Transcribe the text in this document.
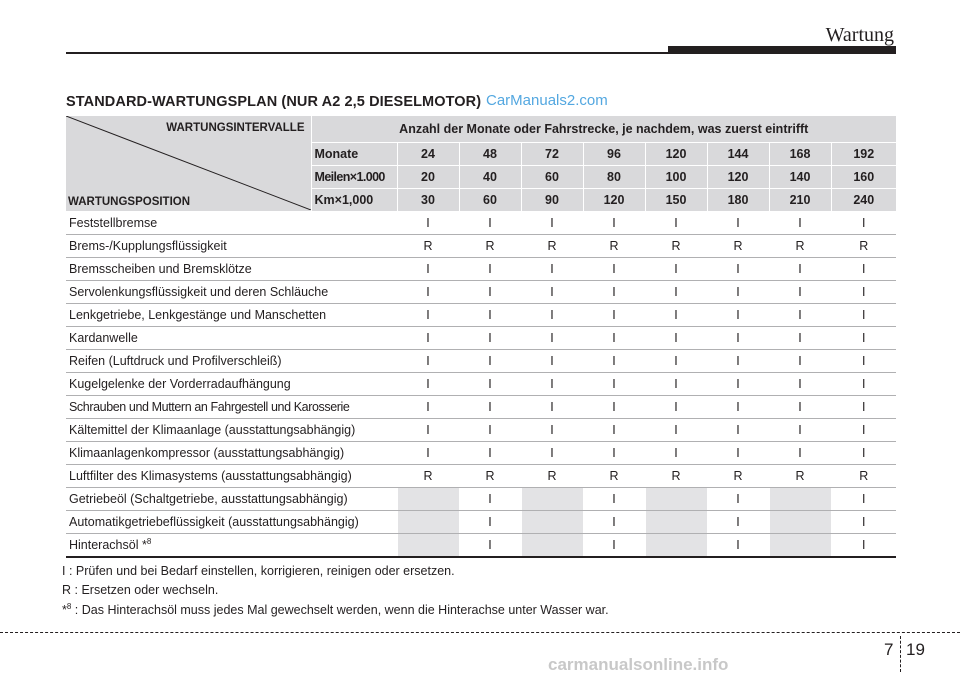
Wartung
STANDARD-WARTUNGSPLAN (NUR A2 2,5 DIESELMOTOR) CarManuals2.com
WARTUNGSINTERVALLE
WARTUNGSPOSITION	Anzahl der Monate oder Fahrstrecke, je nachdem, was zuerst eintrifft								
	Monate	24	48	72	96	120	144	168	192
	Meilen×1.000	20	40	60	80	100	120	140	160
	Km×1,000	30	60	90	120	150	180	210	240
Feststellbremse		I	I	I	I	I	I	I	I
Brems-/Kupplungsflüssigkeit		R	R	R	R	R	R	R	R
Bremsscheiben und Bremsklötze		I	I	I	I	I	I	I	I
Servolenkungsflüssigkeit und deren Schläuche		I	I	I	I	I	I	I	I
Lenkgetriebe, Lenkgestänge und Manschetten		I	I	I	I	I	I	I	I
Kardanwelle		I	I	I	I	I	I	I	I
Reifen (Luftdruck und Profilverschleiß)		I	I	I	I	I	I	I	I
Kugelgelenke der Vorderradaufhängung		I	I	I	I	I	I	I	I
Schrauben und Muttern an Fahrgestell und Karosserie		I	I	I	I	I	I	I	I
Kältemittel der Klimaanlage (ausstattungsabhängig)		I	I	I	I	I	I	I	I
Klimaanlagenkompressor (ausstattungsabhängig)		I	I	I	I	I	I	I	I
Luftfilter des Klimasystems (ausstattungsabhängig)		R	R	R	R	R	R	R	R
Getriebeöl (Schaltgetriebe, ausstattungsabhängig)			I		I		I		I
Automatikgetriebeflüssigkeit (ausstattungsabhängig)			I		I		I		I
Hinterachsöl *$^8$			I		I		I		I
I : Prüfen und bei Bedarf einstellen, korrigieren, reinigen oder ersetzen.
R : Ersetzen oder wechseln.
*$^8$ : Das Hinterachsöl muss jedes Mal gewechselt werden, wenn die Hinterachse unter Wasser war.
7 19
carmanualsonline.info
